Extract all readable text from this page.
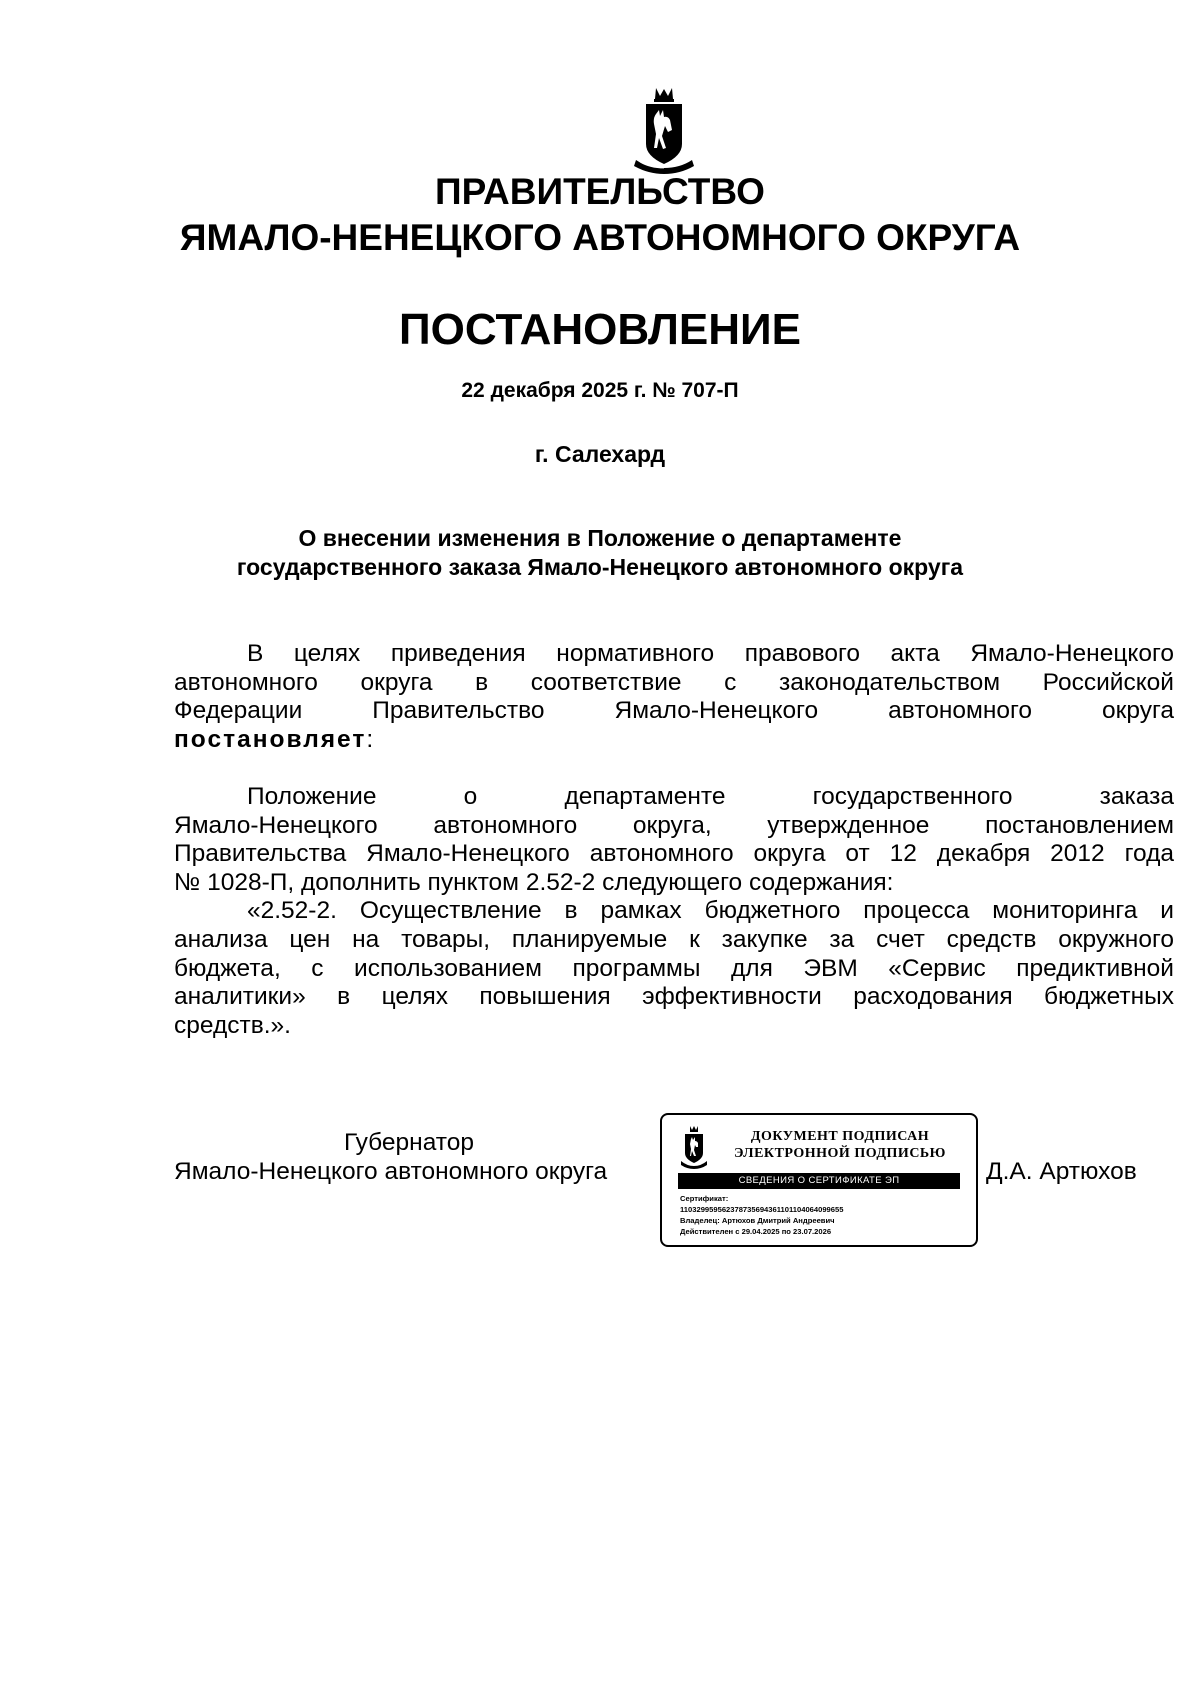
ПРАВИТЕЛЬСТВО
ЯМАЛО-НЕНЕЦКОГО АВТОНОМНОГО ОКРУГА
ПОСТАНОВЛЕНИЕ
22 декабря 2025 г. № 707-П
г. Салехард
О внесении изменения в Положение о департаменте
государственного заказа Ямало-Ненецкого автономного округа
В целях приведения нормативного правового акта Ямало-Ненецкого
автономного округа в соответствие с законодательством Российской
Федерации Правительство Ямало-Ненецкого автономного округа
постановляет:
Положение о департаменте государственного заказа
Ямало-Ненецкого автономного округа, утвержденное постановлением
Правительства Ямало-Ненецкого автономного округа от 12 декабря 2012 года
№ 1028-П, дополнить пунктом 2.52-2 следующего содержания:
«2.52-2. Осуществление в рамках бюджетного процесса мониторинга и
анализа цен на товары, планируемые к закупке за счет средств окружного
бюджета, с использованием программы для ЭВМ «Сервис предиктивной
аналитики» в целях повышения эффективности расходования бюджетных
средств.».
Губернатор
Ямало-Ненецкого автономного округа
ДОКУМЕНТ ПОДПИСАН
ЭЛЕКТРОННОЙ ПОДПИСЬЮ
СВЕДЕНИЯ О СЕРТИФИКАТЕ ЭП
Сертификат:
110329959562378735694361101104064099655
Владелец: Артюхов Дмитрий Андреевич
Действителен с 29.04.2025 по 23.07.2026
Д.А. Артюхов
